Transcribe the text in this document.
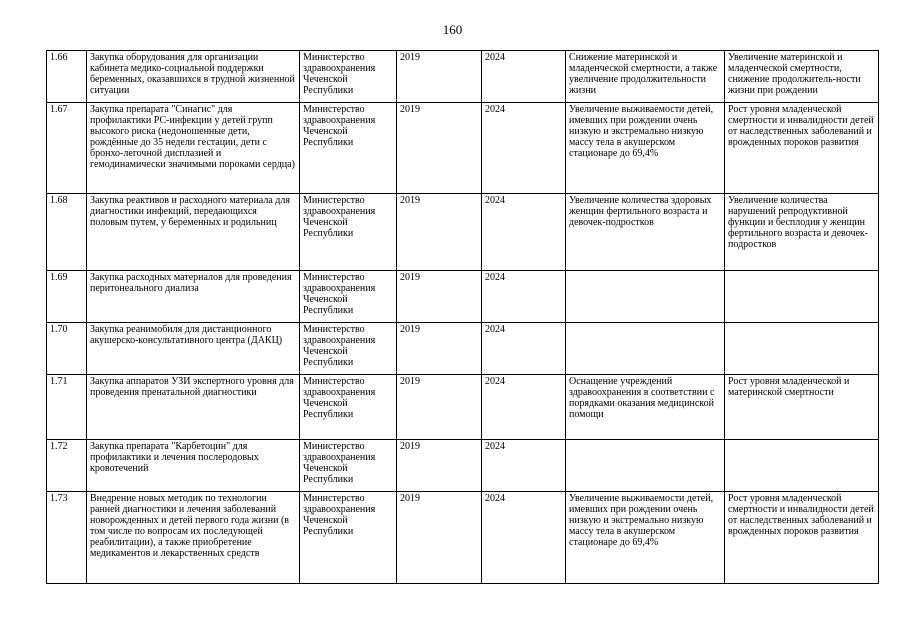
160
1.66	Закупка оборудования для организации кабинета медико-социальной поддержки беременных, оказавшихся в трудной жизненной ситуации	Министерство здравоохранения Чеченской Республики	2019	2024	Снижение материнской и младенческой смертности, а также увеличение продолжительности жизни	Увеличение материнской и младенческой смертности, снижение продолжитель-ности жизни при рождении
1.67	Закупка препарата "Синагис" для профилактики РС-инфекции у детей групп высокого риска (недоношенные дети, рождённые до 35 недели гестации, дети с бронхо-легочной дисплазией и гемодинамически значимыми пороками сердца)	Министерство здравоохранения Чеченской Республики	2019	2024	Увеличение выживаемости детей, имевших при рождении очень низкую и экстремально низкую массу тела в акушерском стационаре до 69,4%	Рост уровня младенческой смертности и инвалидности детей от наследственных заболеваний и врожденных пороков развития
1.68	Закупка реактивов и расходного материала для диагностики инфекций, передающихся половым путем, у беременных и родильниц	Министерство здравоохранения Чеченской Республики	2019	2024	Увеличение количества здоровых женщин фертильного возраста и девочек-подростков	Увеличение количества нарушений репродуктивной функции и бесплодия у женщин фертильного возраста и девочек-подростков
1.69	Закупка расходных материалов для проведения перитонеального диализа	Министерство здравоохранения Чеченской Республики	2019	2024		
1.70	Закупка реанимобиля для дистанционного акушерско-консультативного центра (ДАКЦ)	Министерство здравоохранения Чеченской Республики	2019	2024		
1.71	Закупка аппаратов УЗИ экспертного уровня для проведения пренатальной диагностики	Министерство здравоохранения Чеченской Республики	2019	2024	Оснащение учреждений здравоохранения в соответствии с порядками оказания медицинской помощи	Рост уровня младенческой и материнской смертности
1.72	Закупка препарата "Карбетоцин" для профилактики и лечения послеродовых кровотечений	Министерство здравоохранения Чеченской Республики	2019	2024		
1.73	Внедрение новых методик по технологии ранней диагностики и лечения заболеваний новорожденных и детей первого года жизни (в том числе по вопросам их последующей реабилитации), а также приобретение медикаментов и лекарственных средств	Министерство здравоохранения Чеченской Республики	2019	2024	Увеличение выживаемости детей, имевших при рождении очень низкую и экстремально низкую массу тела в акушерском стационаре до 69,4%	Рост уровня младенческой смертности и инвалидности детей от наследственных заболеваний и врожденных пороков развития
